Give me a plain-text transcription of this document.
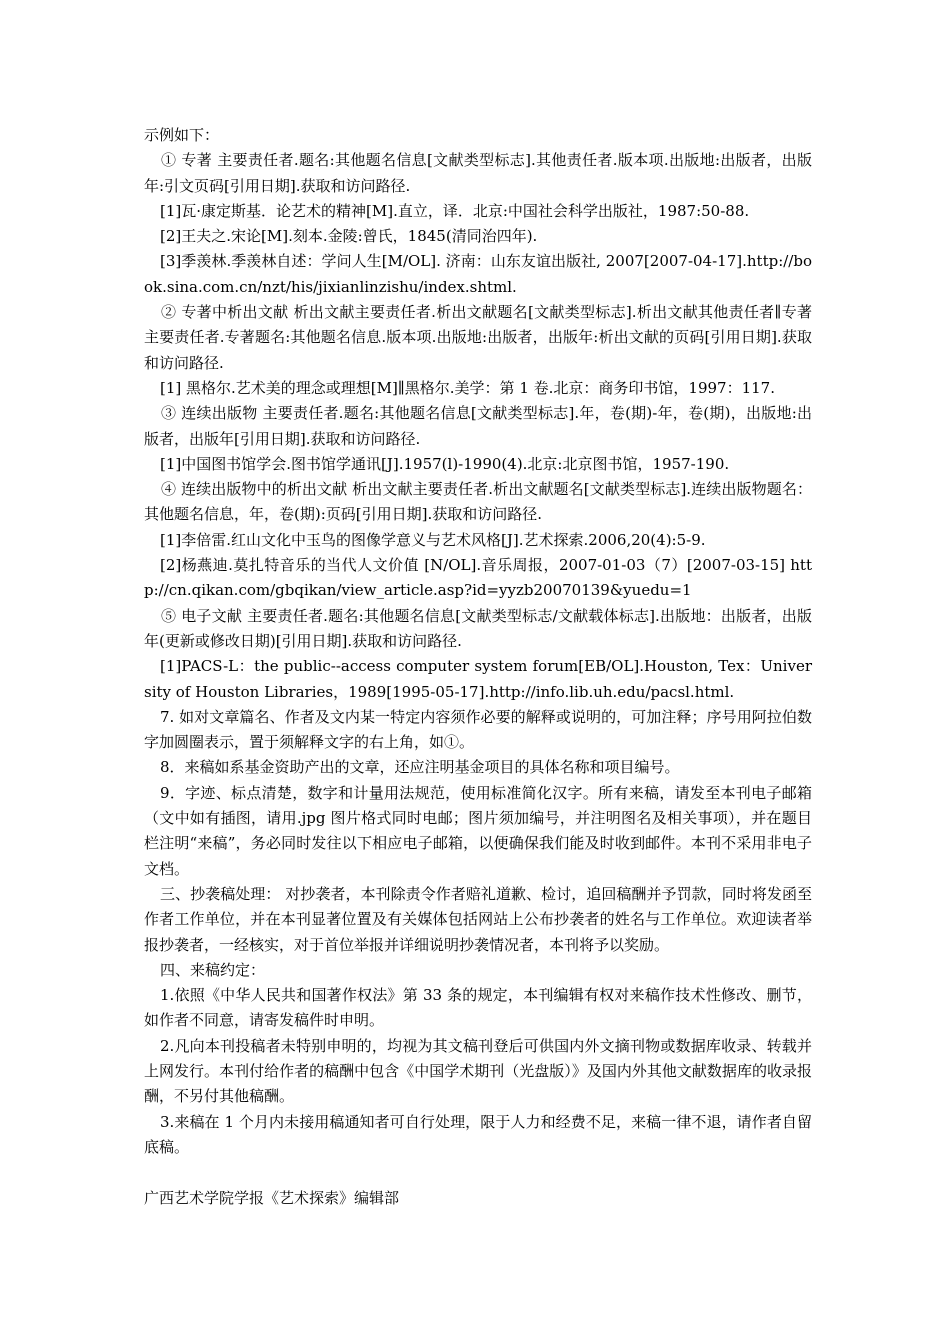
示例如下：

① 专著 主要责任者.题名:其他题名信息[文献类型标志].其他责任者.版本项.出版地:出版者，出版年:引文页码[引用日期].获取和访问路径.

[1]瓦·康定斯基．论艺术的精神[M].直立，译．北京:中国社会科学出版社，1987:50-88.

[2]王夫之.宋论[M].刻本.金陵:曾氏，1845(清同治四年).

[3]季羡林.季羡林自述：学问人生[M/OL]. 济南：山东友谊出版社, 2007[2007-04-17].http://book.sina.com.cn/nzt/his/jixianlinzishu/index.shtml.

② 专著中析出文献 析出文献主要责任者.析出文献题名[文献类型标志].析出文献其他责任者∥专著主要责任者.专著题名:其他题名信息.版本项.出版地:出版者，出版年:析出文献的页码[引用日期].获取和访问路径.

[1] 黑格尔.艺术美的理念或理想[M]∥黑格尔.美学：第 1 卷.北京：商务印书馆，1997：117.

③ 连续出版物 主要责任者.题名:其他题名信息[文献类型标志].年，卷(期)-年，卷(期)，出版地:出版者，出版年[引用日期].获取和访问路径.

[1]中国图书馆学会.图书馆学通讯[J].1957(l)-1990(4).北京:北京图书馆，1957-190.

④ 连续出版物中的析出文献 析出文献主要责任者.析出文献题名[文献类型标志].连续出版物题名：其他题名信息，年，卷(期):页码[引用日期].获取和访问路径.

[1]李倍雷.红山文化中玉鸟的图像学意义与艺术风格[J].艺术探索.2006,20(4):5-9.

[2]杨燕迪.莫扎特音乐的当代人文价值 [N/OL].音乐周报，2007-01-03（7）[2007-03-15] http://cn.qikan.com/gbqikan/view_article.asp?id=yyzb20070139&yuedu=1

⑤ 电子文献 主要责任者.题名:其他题名信息[文献类型标志/文献载体标志].出版地：出版者，出版年(更新或修改日期)[引用日期].获取和访问路径.

[1]PACS-L：the public--access computer system forum[EB/OL].Houston, Tex：University of Houston Libraries，1989[1995-05-17].http://info.lib.uh.edu/pacsl.html.

7. 如对文章篇名、作者及文内某一特定内容须作必要的解释或说明的，可加注释；序号用阿拉伯数字加圆圈表示，置于须解释文字的右上角，如①。

8．来稿如系基金资助产出的文章，还应注明基金项目的具体名称和项目编号。

9．字迹、标点清楚，数字和计量用法规范，使用标准简化汉字。所有来稿，请发至本刊电子邮箱（文中如有插图，请用.jpg 图片格式同时电邮；图片须加编号，并注明图名及相关事项），并在题目栏注明“来稿”，务必同时发往以下相应电子邮箱，以便确保我们能及时收到邮件。本刊不采用非电子文档。

三、抄袭稿处理： 对抄袭者，本刊除责令作者赔礼道歉、检讨，追回稿酬并予罚款，同时将发函至作者工作单位，并在本刊显著位置及有关媒体包括网站上公布抄袭者的姓名与工作单位。欢迎读者举报抄袭者，一经核实，对于首位举报并详细说明抄袭情况者，本刊将予以奖励。

四、来稿约定：

1.依照《中华人民共和国著作权法》第 33 条的规定，本刊编辑有权对来稿作技术性修改、删节，如作者不同意，请寄发稿件时申明。

2.凡向本刊投稿者未特别申明的，均视为其文稿刊登后可供国内外文摘刊物或数据库收录、转载并上网发行。本刊付给作者的稿酬中包含《中国学术期刊（光盘版）》及国内外其他文献数据库的收录报酬，不另付其他稿酬。

3.来稿在 1 个月内未接用稿通知者可自行处理，限于人力和经费不足，来稿一律不退，请作者自留底稿。

广西艺术学院学报《艺术探索》编辑部
